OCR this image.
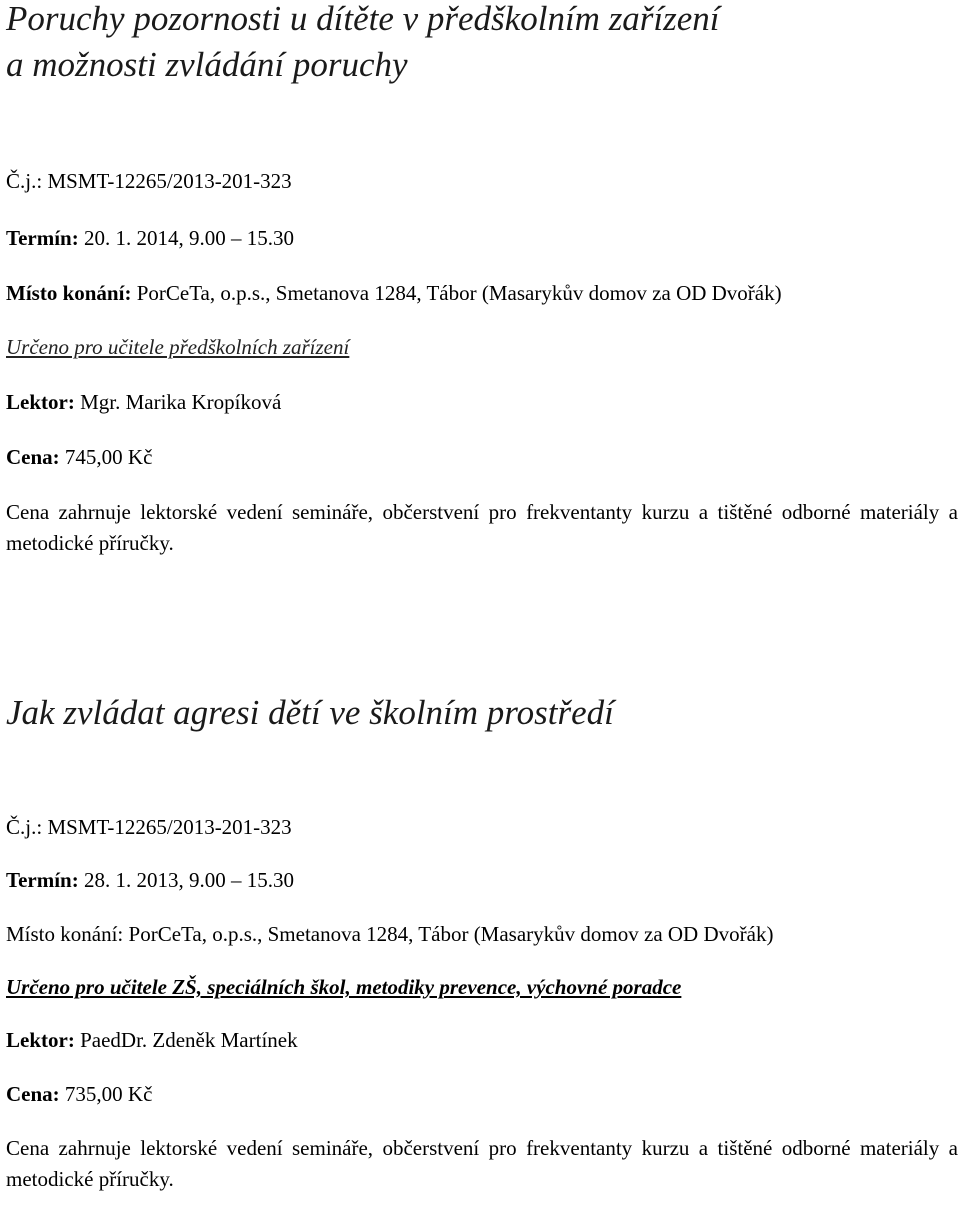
Poruchy pozornosti u dítěte v předškolním zařízení
a možnosti zvládání poruchy

Č.j.: MSMT-12265/2013-201-323

Termín: 20. 1. 2014, 9.00 – 15.30

Místo konání: PorCeTa, o.p.s., Smetanova 1284, Tábor (Masarykův domov za OD Dvořák)

Určeno pro učitele předškolních zařízení

Lektor: Mgr. Marika Kropíková

Cena: 745,00 Kč

Cena zahrnuje lektorské vedení semináře, občerstvení pro frekventanty kurzu a tištěné odborné materiály a metodické příručky.

Jak zvládat agresi dětí ve školním prostředí

Č.j.: MSMT-12265/2013-201-323

Termín: 28. 1. 2013, 9.00 – 15.30

Místo konání: PorCeTa, o.p.s., Smetanova 1284, Tábor (Masarykův domov za OD Dvořák)

Určeno pro učitele ZŠ, speciálních škol, metodiky prevence, výchovné poradce

Lektor: PaedDr. Zdeněk Martínek

Cena: 735,00 Kč

Cena zahrnuje lektorské vedení semináře, občerstvení pro frekventanty kurzu a tištěné odborné materiály a metodické příručky.
